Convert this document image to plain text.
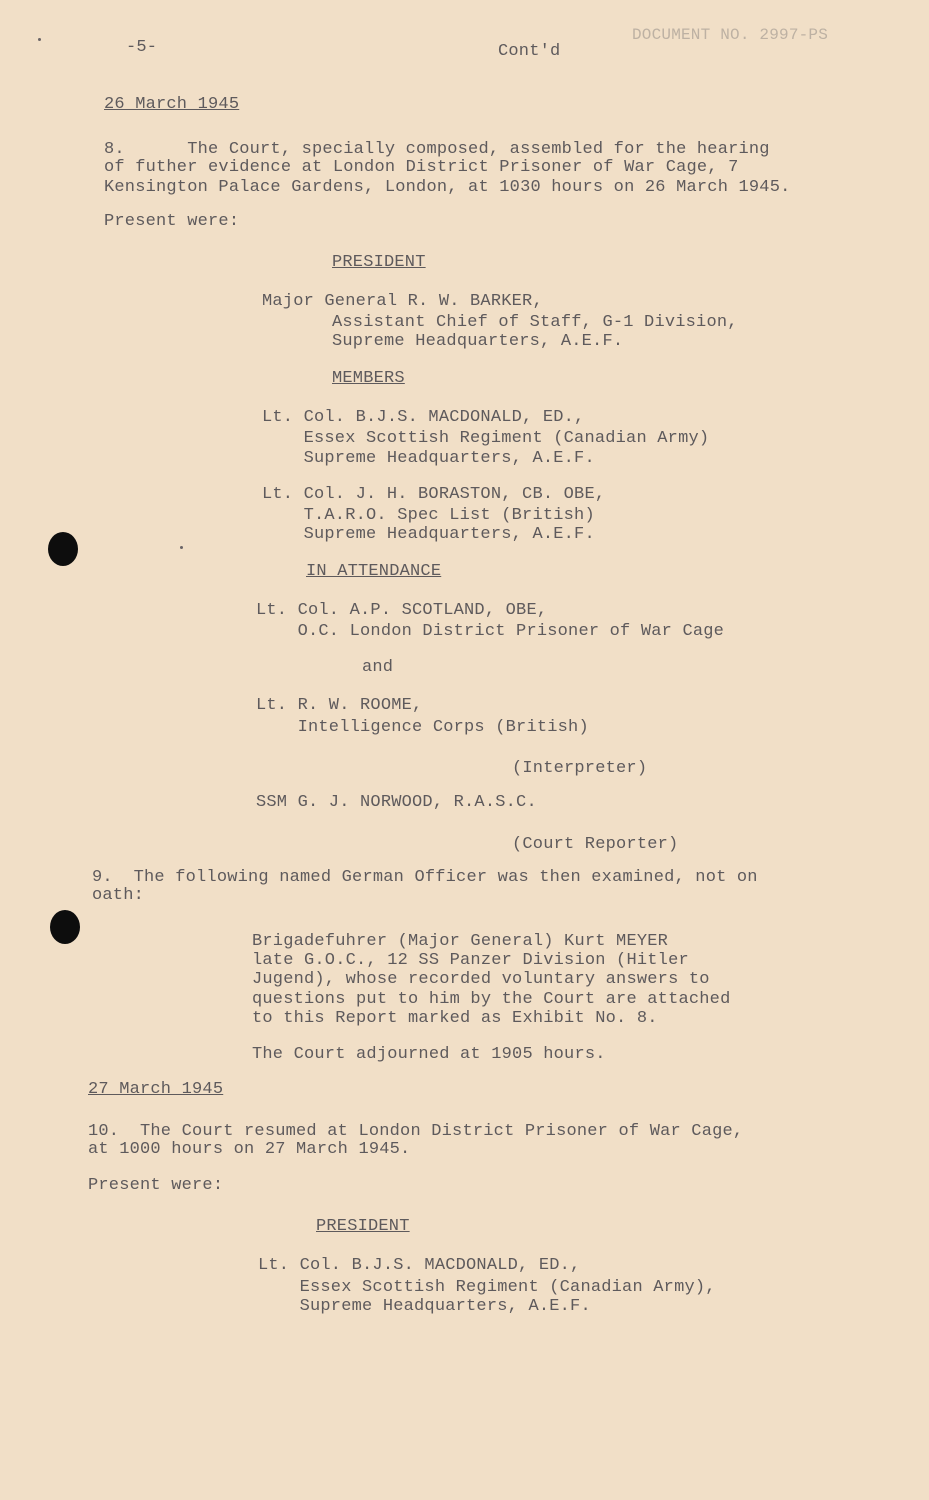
-5-	Cont'd
DOCUMENT NO. 2997-PS
26 March 1945
8.      The Court, specially composed, assembled for the hearing
of futher evidence at London District Prisoner of War Cage, 7
Kensington Palace Gardens, London, at 1030 hours on 26 March 1945.
Present were:
PRESIDENT
Major General R. W. BARKER,
Assistant Chief of Staff, G-1 Division,
Supreme Headquarters, A.E.F.
MEMBERS
Lt. Col. B.J.S. MACDONALD, ED.,
Essex Scottish Regiment (Canadian Army)
Supreme Headquarters, A.E.F.
Lt. Col. J. H. BORASTON, CB. OBE,
T.A.R.O. Spec List (British)
Supreme Headquarters, A.E.F.
IN ATTENDANCE
Lt. Col. A.P. SCOTLAND, OBE,
O.C. London District Prisoner of War Cage
and
Lt. R. W. ROOME,
Intelligence Corps (British)
(Interpreter)
SSM G. J. NORWOOD, R.A.S.C.
(Court Reporter)
9.  The following named German Officer was then examined, not on
oath:
Brigadefuhrer (Major General) Kurt MEYER
late G.O.C., 12 SS Panzer Division (Hitler
Jugend), whose recorded voluntary answers to
questions put to him by the Court are attached
to this Report marked as Exhibit No. 8.
The Court adjourned at 1905 hours.
27 March 1945
10.  The Court resumed at London District Prisoner of War Cage,
at 1000 hours on 27 March 1945.
Present were:
PRESIDENT
Lt. Col. B.J.S. MACDONALD, ED.,
Essex Scottish Regiment (Canadian Army),
Supreme Headquarters, A.E.F.
